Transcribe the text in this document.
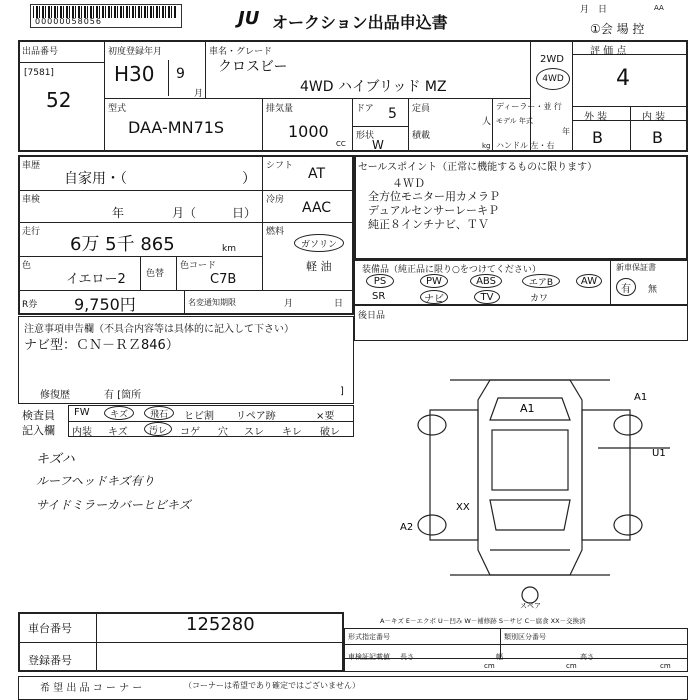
00000058056	JU オークション出品申込書
月　日	AA
①会 場 控
出品番号
[7581]
52
初度登録年月
H30 9
月
車名・グレード
クロスビー
4WD ハイブリッド MZ
2WD
4WD
評 価 点
4
外 装	内 装
B	B
型式
DAA-MN71S
排気量
1000
CC
ドア 5
形状
W
定員
人
積載
kg
ディーラー・並 行
モデル 年式
年
ハンドル 左・右
車歴
自家用・（	）
車検
年	月（	日）
走行
6万 5千 865	km
色
イエロー2 色替
色コード
C7B
R券 9,750円	名変通知期限	月	日
シフト AT
冷房 AAC
燃料
ガソリン
軽 油
セールスポイント（正常に機能するものに限ります）
４ＷＤ
全方位モニター用カメラＰ
デュアルセンサーレーキＰ
純正８インチナビ、ＴＶ
装備品（純正品に限り○をつけてください）	新車保証書
有	無
PS	PW	ABS	エアB	AW
SR	ナビ	TV	カワ
後日品
注意事項申告欄（不具合内容等は具体的に記入して下さい）
ナビ型：ＣＮ－ＲＺ846）
修復歴	有 [箇所	]
検査員
記入欄
FW	キズ	飛石	ヒビ割 リペア跡	×要
内装 キズ	汚レ	コゲ 穴 スレ キレ 破レ
キズハ
ルーフヘッドキズ有り
サイドミラーカバーヒビキズ
A1
A1
U1
XX
A2
スペア
A－キズ E－エクボ U－凹み W－補修跡 S－サビ C－腐食 XX－交換済
車台番号	125280
登録番号
形式指定番号	類別区分番号
車検証記載値 長さ
cm
幅
cm
高さ
cm
希 望 出 品 コ ー ナ ー	（コーナーは希望であり確定ではございません）
